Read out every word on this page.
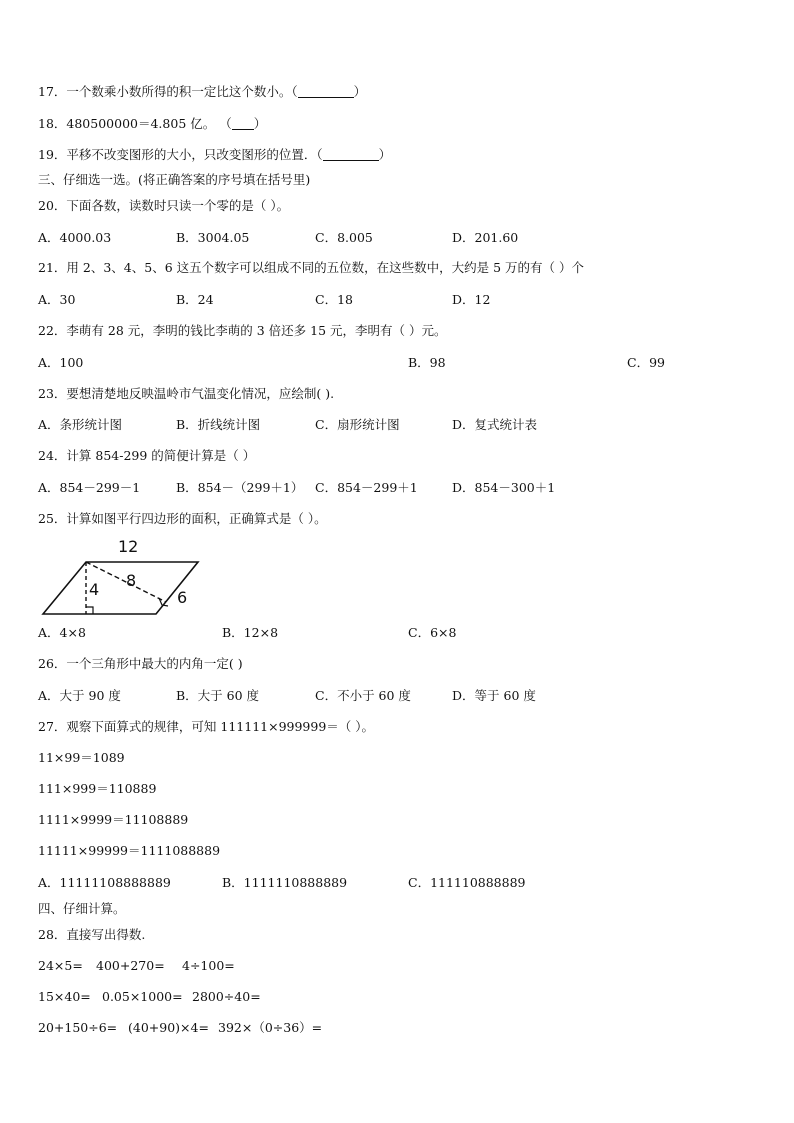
17．一个数乘小数所得的积一定比这个数小。（	）
18．480500000＝4.805 亿。 （ ）
19．平移不改变图形的大小，只改变图形的位置．（	）
三、仔细选一选。(将正确答案的序号填在括号里)
20．下面各数，读数时只读一个零的是（ ）。
A．4000.03	B．3004.05	C．8.005	D．201.60
21．用 2、3、4、5、6 这五个数字可以组成不同的五位数，在这些数中，大约是 5 万的有（ ）个
A．30	B．24	C．18	D．12
22．李萌有 28 元，李明的钱比李萌的 3 倍还多 15 元，李明有（ ）元。
A．100	B．98	C．99
23．要想清楚地反映温岭市气温变化情况，应绘制( ).
A．条形统计图	B．折线统计图	C．扇形统计图	D．复式统计表
24．计算 854-299 的简便计算是（ ）
A．854－299－1	B．854－（299＋1） C．854－299＋1	D．854－300＋1
25．计算如图平行四边形的面积，正确算式是（ ）。
12
4 8
6
A．4×8	B．12×8	C．6×8
26．一个三角形中最大的内角一定( )
A．大于 90 度	B．大于 60 度	C．不小于 60 度	D．等于 60 度
27．观察下面算式的规律，可知 111111×999999＝（ ）。
11×99＝1089
111×999＝110889
1111×9999＝11108889
11111×99999＝1111088889
A．11111108888889	B．1111110888889	C．111110888889
四、仔细计算。
28．直接写出得数.
24×5= 400+270= 4÷100=
15×40= 0.05×1000= 2800÷40=
20+150÷6= (40+90)×4= 392×（0÷36）=
